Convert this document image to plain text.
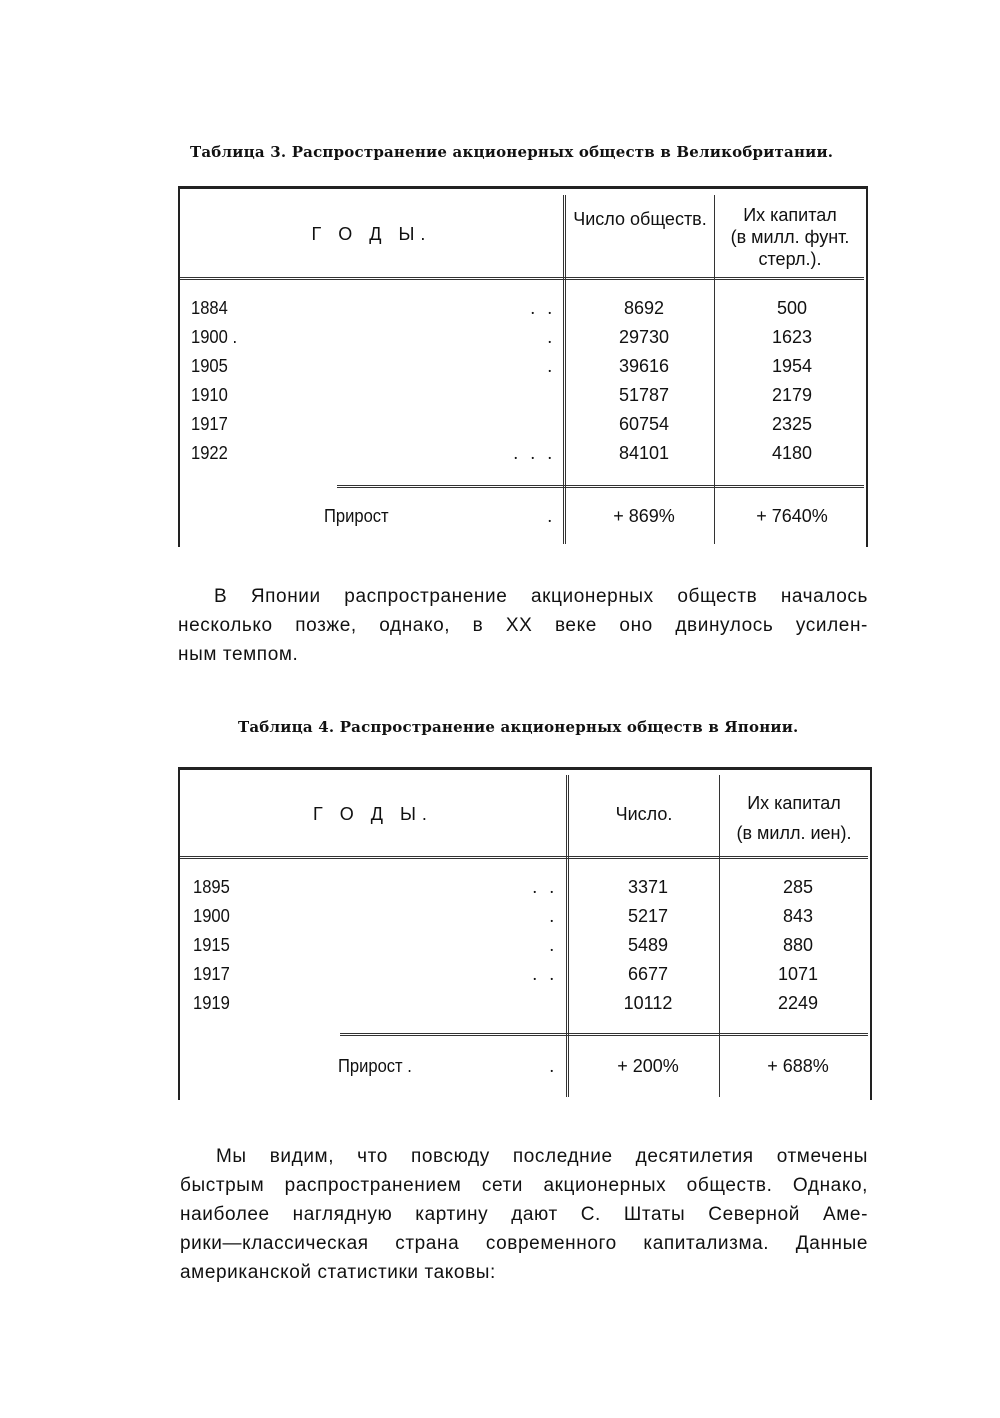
Таблица 3. Распространение акционерных обществ в Великобритании.
Г О Д Ы.
Число обществ.	Их капитал
(в милл. фунт.
стерл.).
1884	. .	8692	500
1900 .	.	29730	1623
1905	.	39616	1954
1910	51787	2179
1917	60754	2325
1922	. . .	84101	4180
Прирост	.	+ 869%	+ 7640%
В Японии распространение акционерных обществ началось
несколько позже, однако, в XX веке оно двинулось усилен-
ным темпом.
Таблица 4. Распространение акционерных обществ в Японии.
Г О Д Ы.	Число.
Их капитал
(в милл. иен).
1895	. .	3371	285
1900	.	5217	843
1915	.	5489	880
1917	. .	6677	1071
1919	10112	2249
Прирост .	.	+ 200%	+ 688%
Мы видим, что повсюду последние десятилетия отмечены
быстрым распространением сети акционерных обществ. Однако,
наиболее наглядную картину дают С. Штаты Северной Аме-
рики—классическая страна современного капитализма. Данные
американской статистики таковы:
